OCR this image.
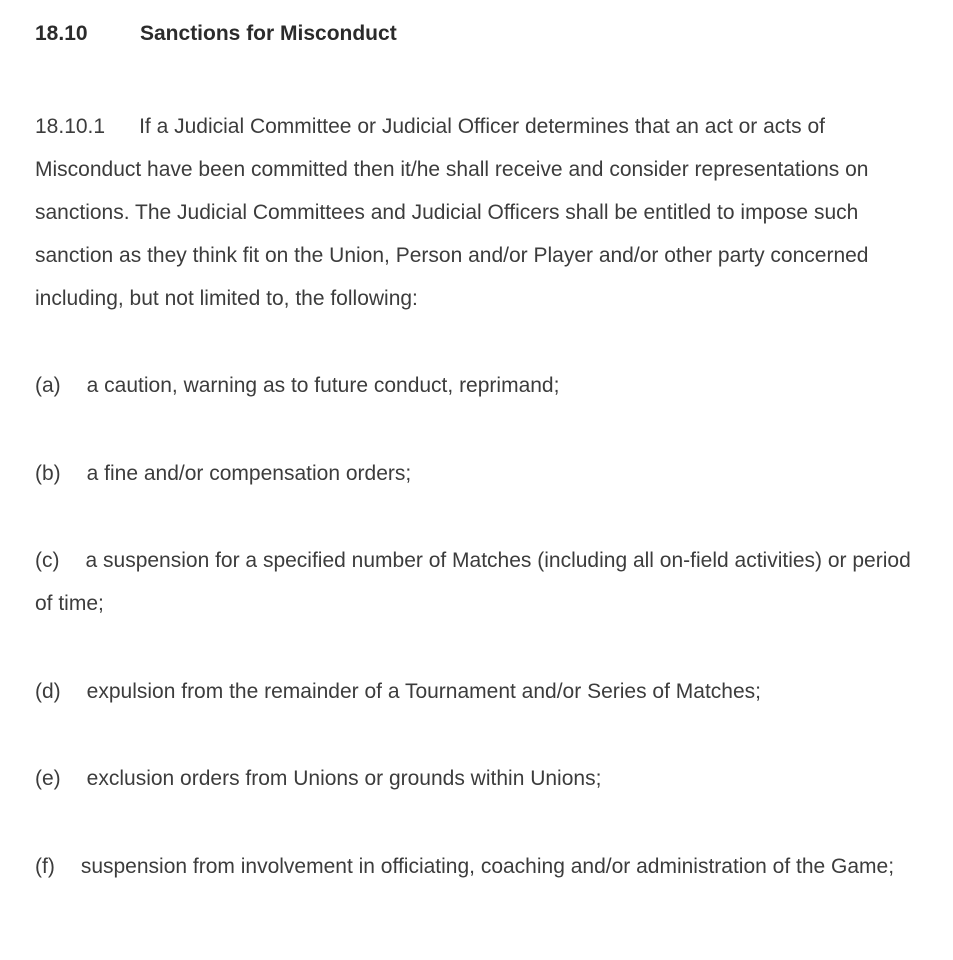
18.10 Sanctions for Misconduct
18.10.1 If a Judicial Committee or Judicial Officer determines that an act or acts of Misconduct have been committed then it/he shall receive and consider representations on sanctions. The Judicial Committees and Judicial Officers shall be entitled to impose such sanction as they think fit on the Union, Person and/or Player and/or other party concerned including, but not limited to, the following:
(a) a caution, warning as to future conduct, reprimand;
(b) a fine and/or compensation orders;
(c) a suspension for a specified number of Matches (including all on-field activities) or period of time;
(d) expulsion from the remainder of a Tournament and/or Series of Matches;
(e) exclusion orders from Unions or grounds within Unions;
(f) suspension from involvement in officiating, coaching and/or administration of the Game;
